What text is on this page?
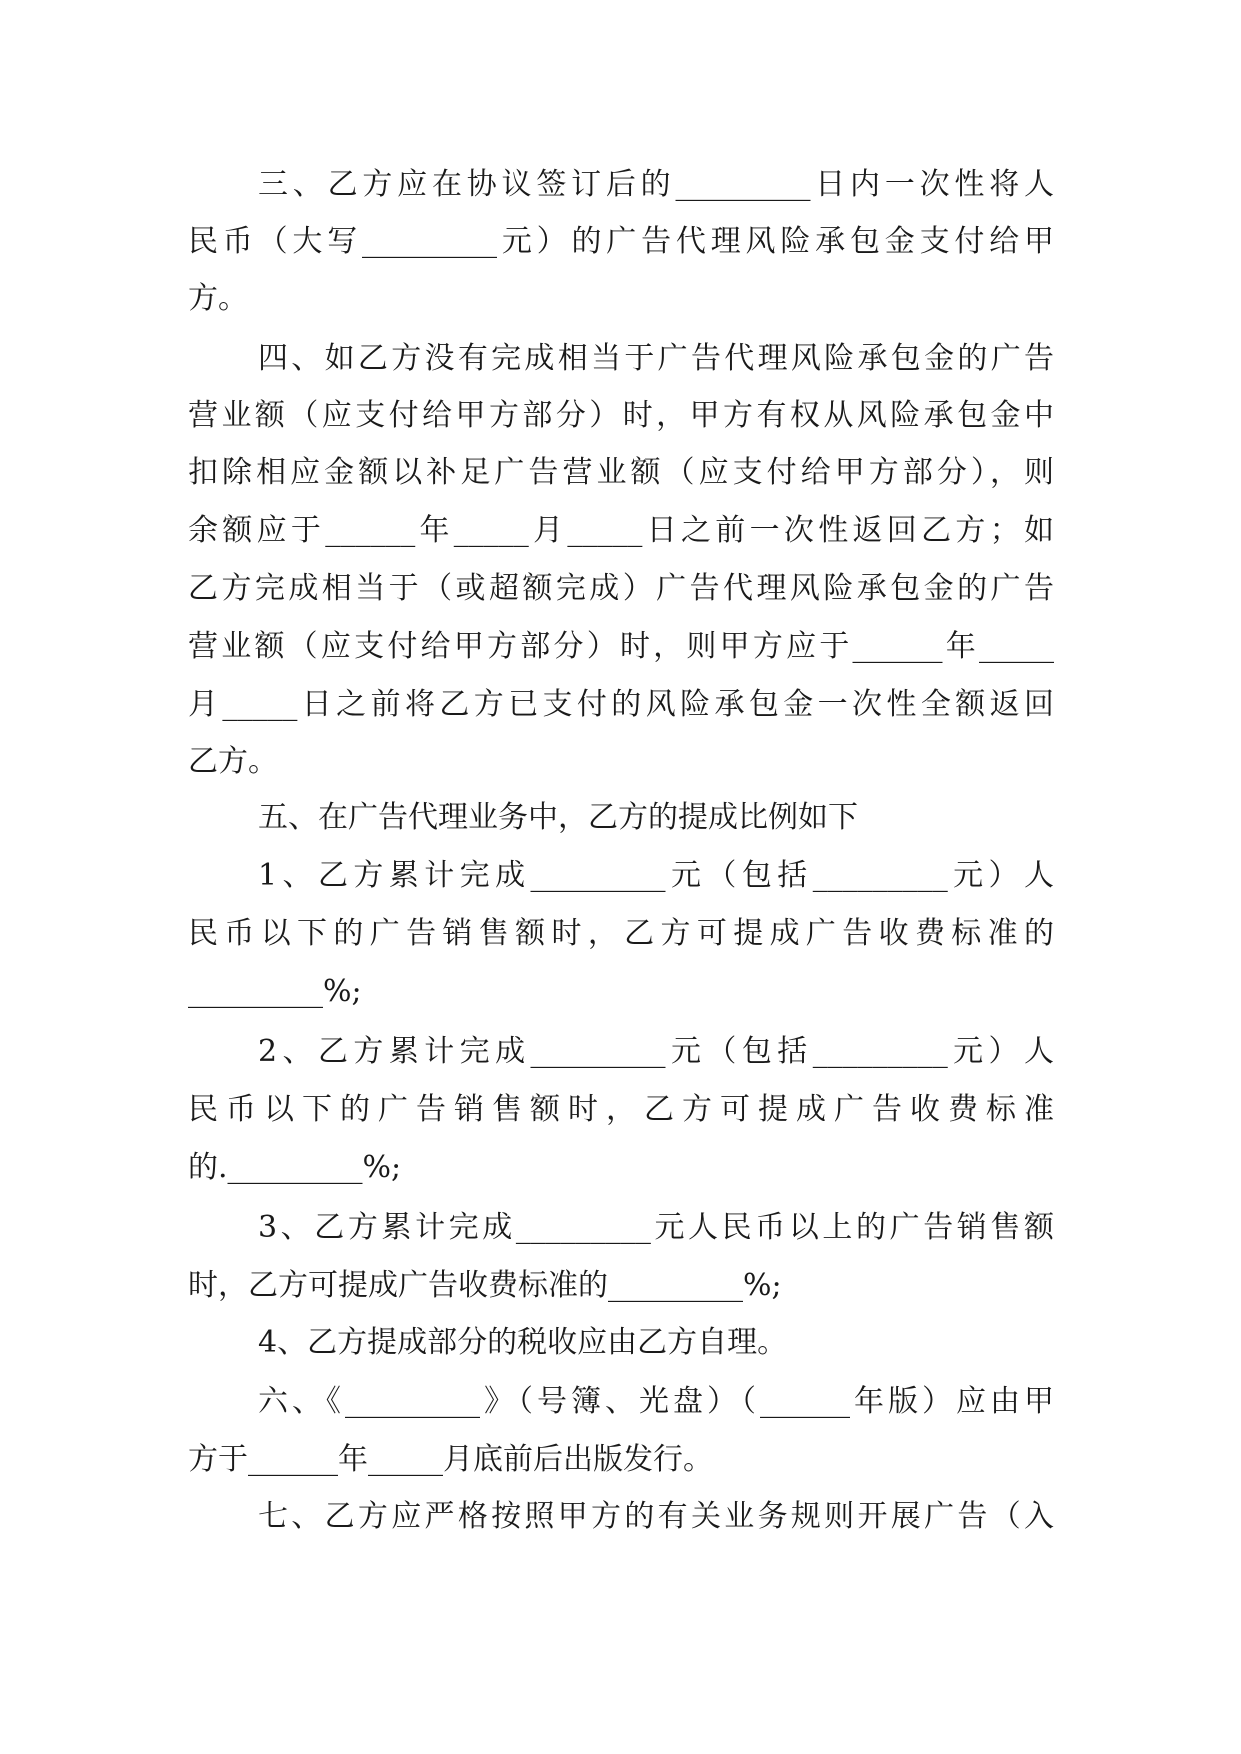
三、乙方应在协议签订后的_________日内一次性将人
民币（大写_________元）的广告代理风险承包金支付给甲
方。
四、如乙方没有完成相当于广告代理风险承包金的广告
营业额（应支付给甲方部分）时，甲方有权从风险承包金中
扣除相应金额以补足广告营业额（应支付给甲方部分），则
余额应于______年_____月_____日之前一次性返回乙方；如
乙方完成相当于（或超额完成）广告代理风险承包金的广告
营业额（应支付给甲方部分）时，则甲方应于______年_____
月_____日之前将乙方已支付的风险承包金一次性全额返回
乙方。
五、在广告代理业务中，乙方的提成比例如下
1、乙方累计完成_________元（包括_________元）人
民币以下的广告销售额时，乙方可提成广告收费标准的
_________%;
2、乙方累计完成_________元（包括_________元）人
民币以下的广告销售额时，乙方可提成广告收费标准
的._________%;
3、乙方累计完成_________元人民币以上的广告销售额
时，乙方可提成广告收费标准的_________%;
4、乙方提成部分的税收应由乙方自理。
六、《_________》（号簿、光盘）（______年版）应由甲
方于______年_____月底前后出版发行。
七、乙方应严格按照甲方的有关业务规则开展广告（入
